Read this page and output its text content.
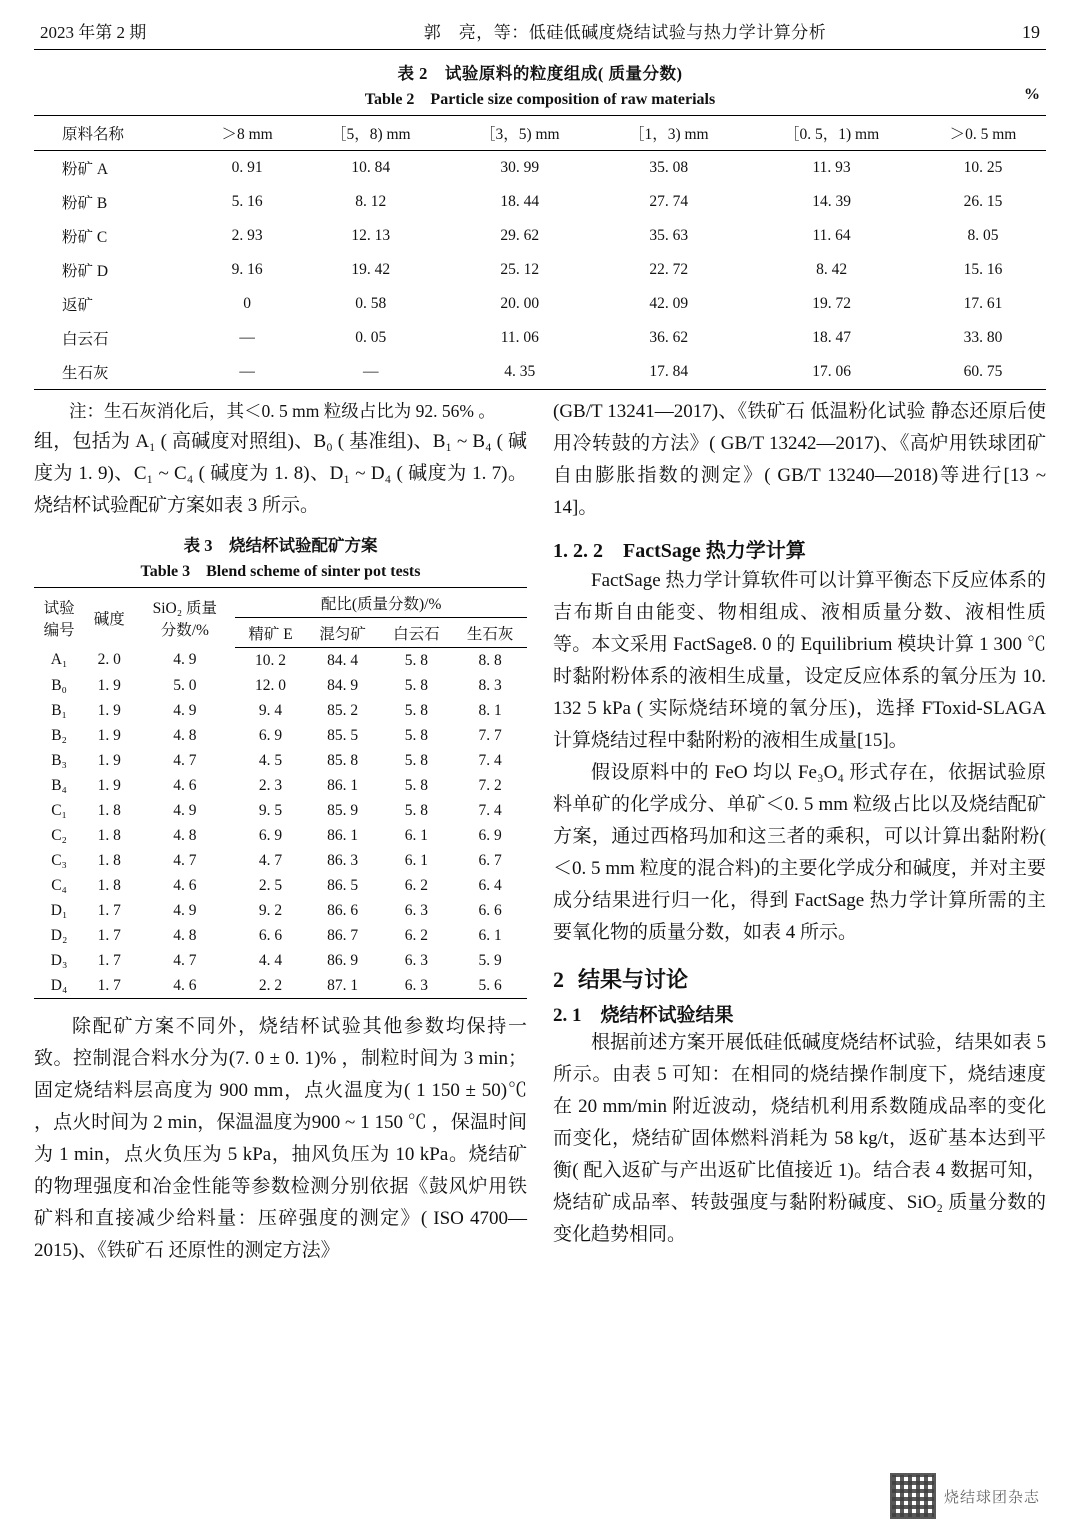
2023 年第 2 期	郭　亮，等：低硅低碱度烧结试验与热力学计算分析	19
表 2　试验原料的粒度组成( 质量分数)
Table 2　Particle size composition of raw materials	%
原料名称	＞8 mm	［5，8) mm	［3，5) mm	［1，3) mm	［0. 5，1) mm	＞0. 5 mm
粉矿 A	0. 91	10. 84	30. 99	35. 08	11. 93	10. 25
粉矿 B	5. 16	8. 12	18. 44	27. 74	14. 39	26. 15
粉矿 C	2. 93	12. 13	29. 62	35. 63	11. 64	8. 05
粉矿 D	9. 16	19. 42	25. 12	22. 72	8. 42	15. 16
返矿	0	0. 58	20. 00	42. 09	19. 72	17. 61
白云石	—	0. 05	11. 06	36. 62	18. 47	33. 80
生石灰	—	—	4. 35	17. 84	17. 06	60. 75

注：生石灰消化后，其＜0. 5 mm 粒级占比为 92. 56% 。

组，包括为 A₁ ( 高碱度对照组)、B₀ ( 基准组)、B₁ ~ B₄ ( 碱度为 1. 9)、C₁ ~ C₄ ( 碱度为 1. 8)、D₁ ~ D₄ ( 碱度为 1. 7)。烧结杯试验配矿方案如表 3 所示。

表 3　烧结杯试验配矿方案
Table 3　Blend scheme of sinter pot tests
试验
编号
	碱度	
SiO₂ 质量
分数/%
	配比(质量分数)/%
			精矿 E	混匀矿	白云石	生石灰
A₁	2. 0	4. 9	10. 2	84. 4	5. 8	8. 8
B₀	1. 9	5. 0	12. 0	84. 9	5. 8	8. 3
B₁	1. 9	4. 9	9. 4	85. 2	5. 8	8. 1
B₂	1. 9	4. 8	6. 9	85. 5	5. 8	7. 7
B₃	1. 9	4. 7	4. 5	85. 8	5. 8	7. 4
B₄	1. 9	4. 6	2. 3	86. 1	5. 8	7. 2
C₁	1. 8	4. 9	9. 5	85. 9	5. 8	7. 4
C₂	1. 8	4. 8	6. 9	86. 1	6. 1	6. 9
C₃	1. 8	4. 7	4. 7	86. 3	6. 1	6. 7
C₄	1. 8	4. 6	2. 5	86. 5	6. 2	6. 4
D₁	1. 7	4. 9	9. 2	86. 6	6. 3	6. 6
D₂	1. 7	4. 8	6. 6	86. 7	6. 2	6. 1
D₃	1. 7	4. 7	4. 4	86. 9	6. 3	5. 9
D₄	1. 7	4. 6	2. 2	87. 1	6. 3	5. 6

除配矿方案不同外，烧结杯试验其他参数均保持一致。控制混合料水分为(7. 0 ± 0. 1)% ，制粒时间为 3 min；固定烧结料层高度为 900 mm，点火温度为( 1 150 ± 50)℃ ，点火时间为 2 min，保温温度为900 ~ 1 150 ℃ ，保温时间为 1 min，点火负压为 5 kPa，抽风负压为 10 kPa。烧结矿的物理强度和冶金性能等参数检测分别依据《鼓风炉用铁矿料和直接减少给料量：压碎强度的测定》( ISO 4700—2015)、《铁矿石 还原性的测定方法》

(GB/T 13241—2017)、《铁矿石 低温粉化试验 静态还原后使用冷转鼓的方法》( GB/T 13242—2017)、《高炉用铁球团矿自由膨胀指数的测定》( GB/T 13240—2018)等进行[13 ~ 14]。

1. 2. 2　FactSage 热力学计算

FactSage 热力学计算软件可以计算平衡态下反应体系的吉布斯自由能变、物相组成、液相质量分数、液相性质等。本文采用 FactSage8. 0 的 Equilibrium 模块计算 1 300 ℃时黏附粉体系的液相生成量，设定反应体系的氧分压为 10. 132 5 kPa ( 实际烧结环境的氧分压)，选择 FToxid-SLAGA 计算烧结过程中黏附粉的液相生成量[15]。

假设原料中的 FeO 均以 Fe₃O₄ 形式存在，依据试验原料单矿的化学成分、单矿＜0. 5 mm 粒级占比以及烧结配矿方案，通过西格玛加和这三者的乘积，可以计算出黏附粉( ＜0. 5 mm 粒度的混合料)的主要化学成分和碱度，并对主要成分结果进行归一化，得到 FactSage 热力学计算所需的主要氧化物的质量分数，如表 4 所示。

2 结果与讨论
2. 1　烧结杯试验结果

根据前述方案开展低硅低碱度烧结杯试验，结果如表 5 所示。由表 5 可知：在相同的烧结操作制度下，烧结速度在 20 mm/min 附近波动，烧结机利用系数随成品率的变化而变化，烧结矿固体燃料消耗为 58 kg/t，返矿基本达到平衡( 配入返矿与产出返矿比值接近 1)。结合表 4 数据可知，烧结矿成品率、转鼓强度与黏附粉碱度、SiO₂ 质量分数的变化趋势相同。

烧结球团杂志
